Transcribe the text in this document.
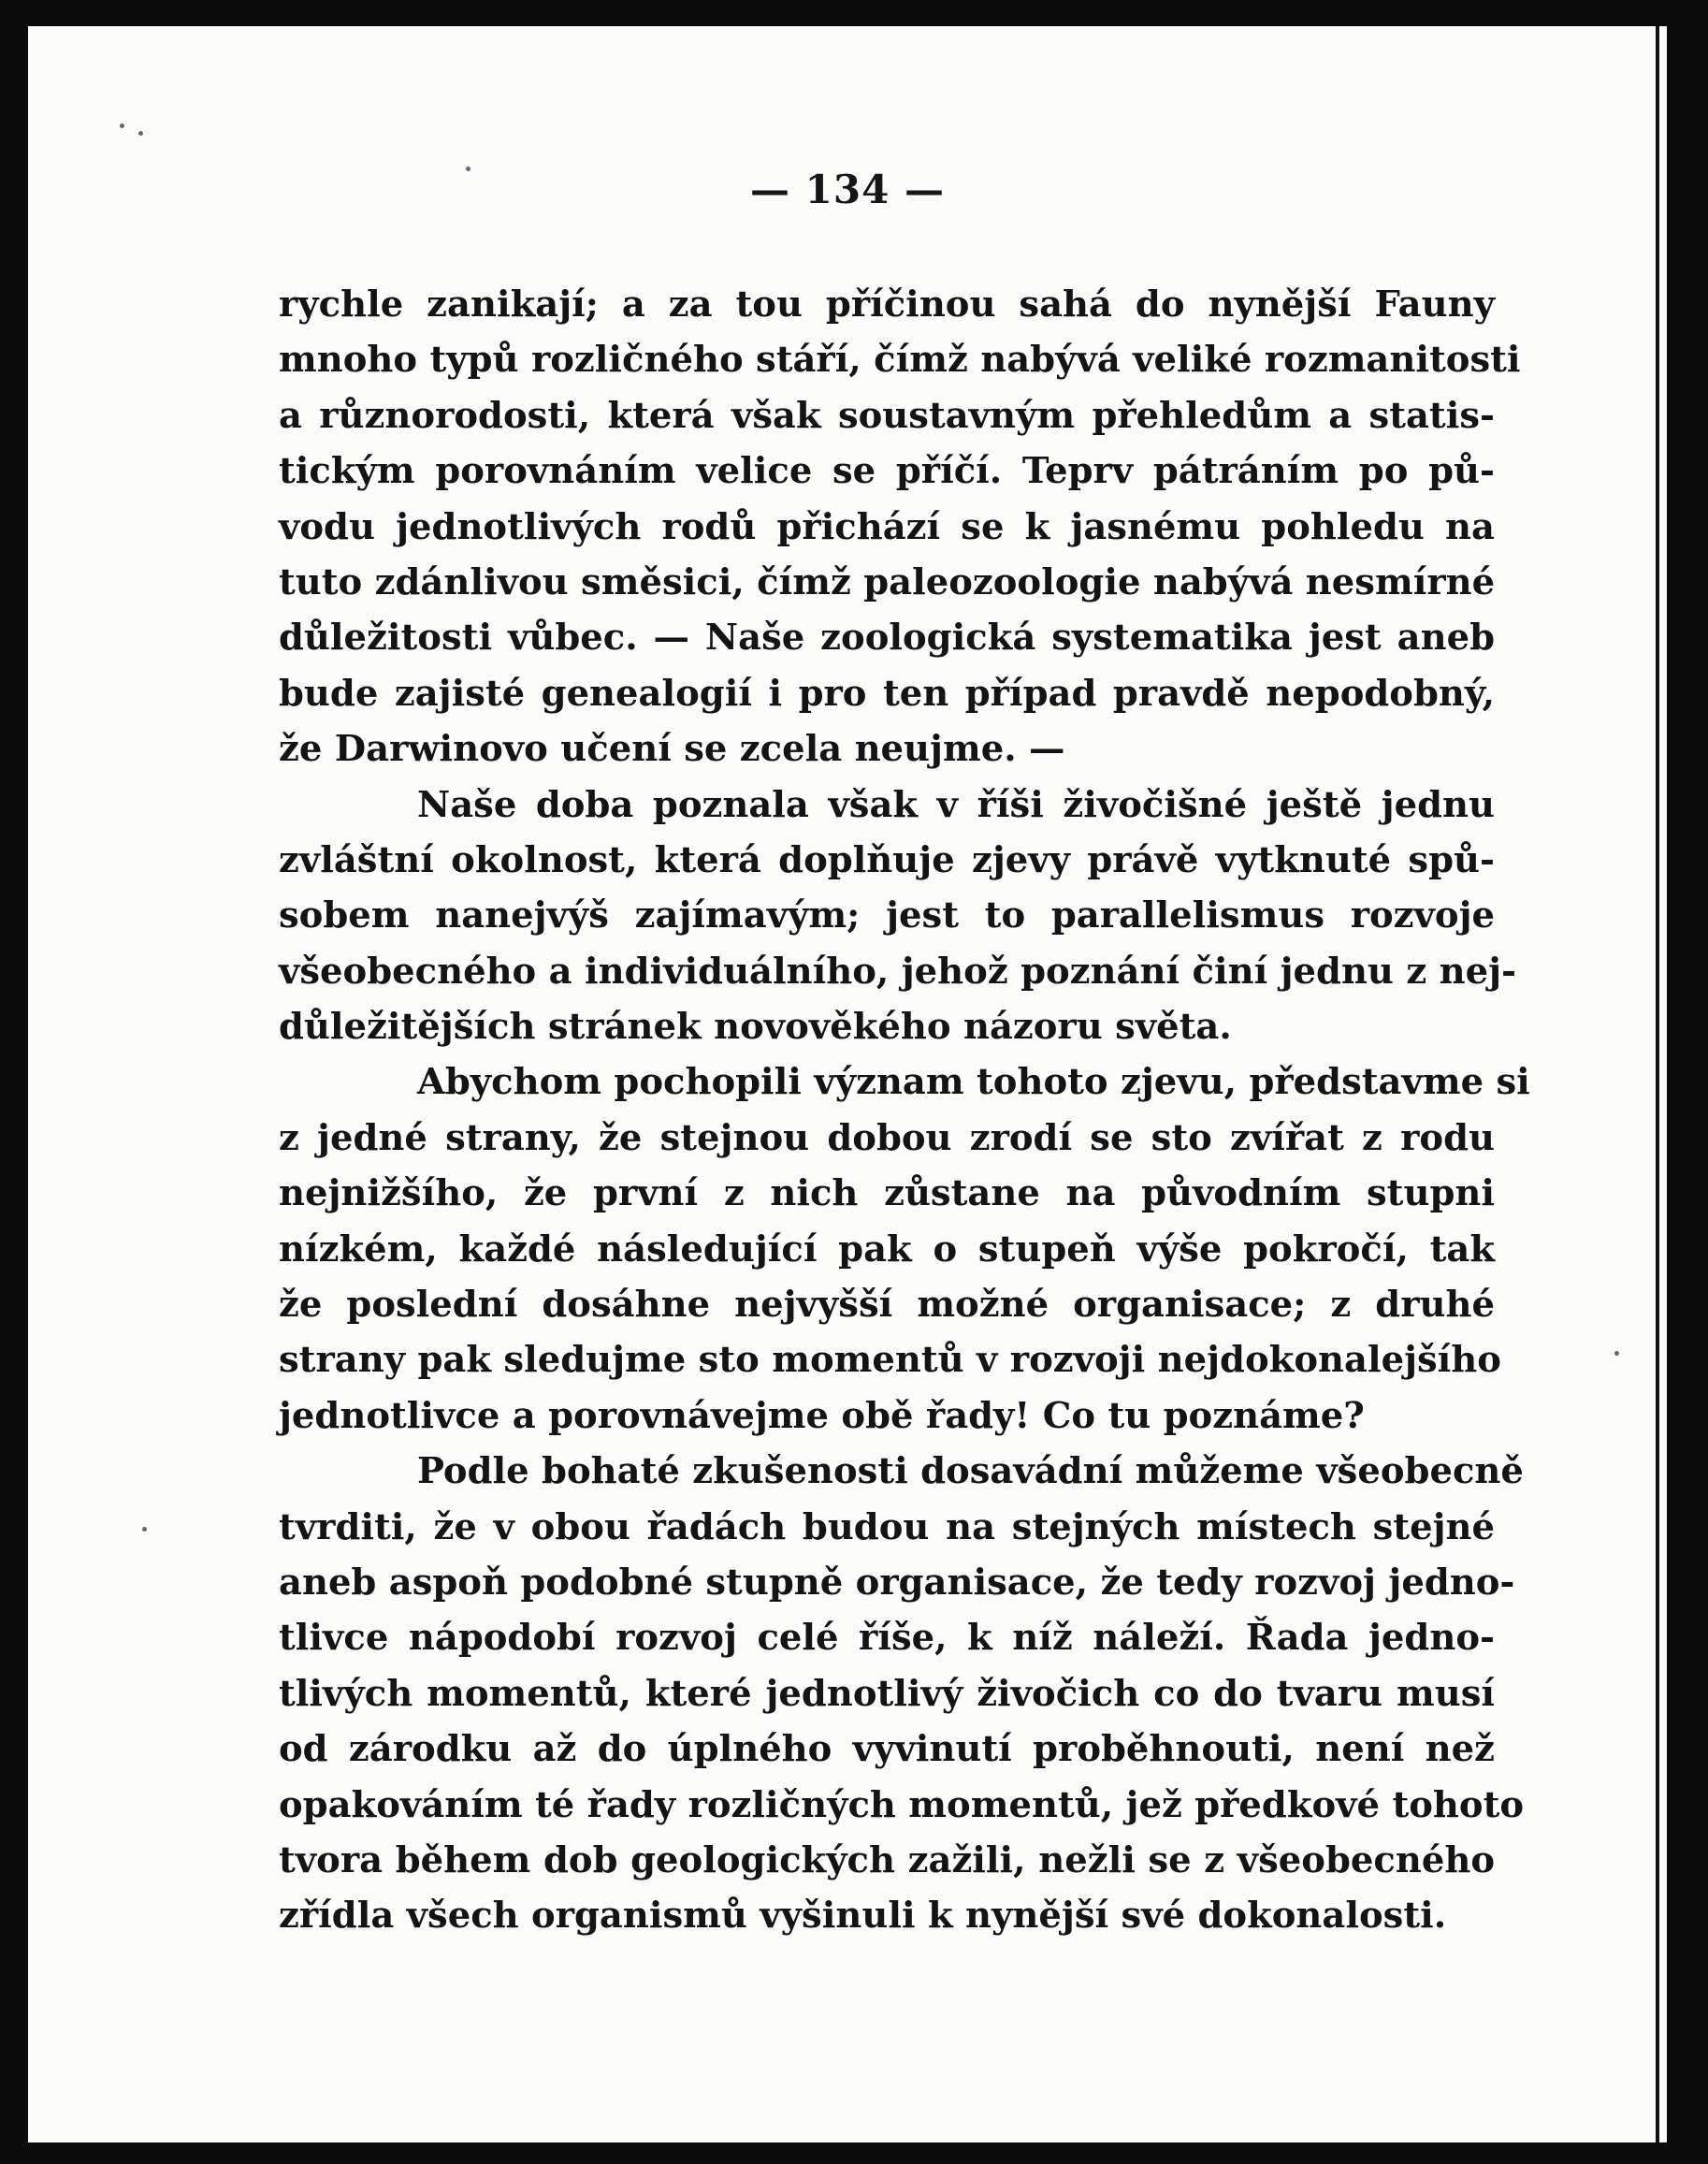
— 134 —
rychle zanikají; a za tou příčinou sahá do nynější Fauny
mnoho typů rozličného stáří, čímž nabývá veliké rozmanitosti
a různorodosti, která však soustavným přehledům a statis-
tickým porovnáním velice se příčí. Teprv pátráním po pů-
vodu jednotlivých rodů přichází se k jasnému pohledu na
tuto zdánlivou směsici, čímž paleozoologie nabývá nesmírné
důležitosti vůbec. — Naše zoologická systematika jest aneb
bude zajisté genealogií i pro ten případ pravdě nepodobný,
že Darwinovo učení se zcela neujme. —
Naše doba poznala však v říši živočišné ještě jednu
zvláštní okolnost, která doplňuje zjevy právě vytknuté spů-
sobem nanejvýš zajímavým; jest to parallelismus rozvoje
všeobecného a individuálního, jehož poznání činí jednu z nej-
důležitějších stránek novověkého názoru světa.
Abychom pochopili význam tohoto zjevu, představme si
z jedné strany, že stejnou dobou zrodí se sto zvířat z rodu
nejnižšího, že první z nich zůstane na původním stupni
nízkém, každé následující pak o stupeň výše pokročí, tak
že poslední dosáhne nejvyšší možné organisace; z druhé
strany pak sledujme sto momentů v rozvoji nejdokonalejšího
jednotlivce a porovnávejme obě řady! Co tu poznáme?
Podle bohaté zkušenosti dosavádní můžeme všeobecně
tvrditi, že v obou řadách budou na stejných místech stejné
aneb aspoň podobné stupně organisace, že tedy rozvoj jedno-
tlivce nápodobí rozvoj celé říše, k níž náleží. Řada jedno-
tlivých momentů, které jednotlivý živočich co do tvaru musí
od zárodku až do úplného vyvinutí proběhnouti, není než
opakováním té řady rozličných momentů, jež předkové tohoto
tvora během dob geologických zažili, nežli se z všeobecného
zřídla všech organismů vyšinuli k nynější své dokonalosti.
